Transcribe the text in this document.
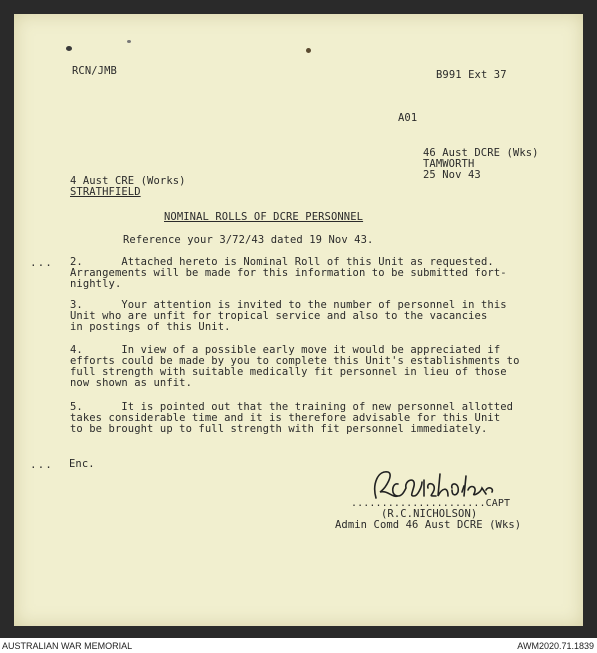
RCN/JMB	B991 Ext 37
A01
46 Aust DCRE (Wks)
TAMWORTH
25 Nov 43
4 Aust CRE (Works)
STRATHFIELD
NOMINAL ROLLS OF DCRE PERSONNEL
Reference your 3/72/43 dated 19 Nov 43.
...
...
2.      Attached hereto is Nominal Roll of this Unit as requested.
Arrangements will be made for this information to be submitted fort-
nightly.
3.      Your attention is invited to the number of personnel in this
Unit who are unfit for tropical service and also to the vacancies
in postings of this Unit.
4.      In view of a possible early move it would be appreciated if
efforts could be made by you to complete this Unit's establishments to
full strength with suitable medically fit personnel in lieu of those
now shown as unfit.
5.      It is pointed out that the training of new personnel allotted
takes considerable time and it is therefore advisable for this Unit
to be brought up to full strength with fit personnel immediately.
Enc.
......................CAPT
(R.C.NICHOLSON)
Admin Comd 46 Aust DCRE (Wks)
AUSTRALIAN WAR MEMORIAL	AWM2020.71.1839
